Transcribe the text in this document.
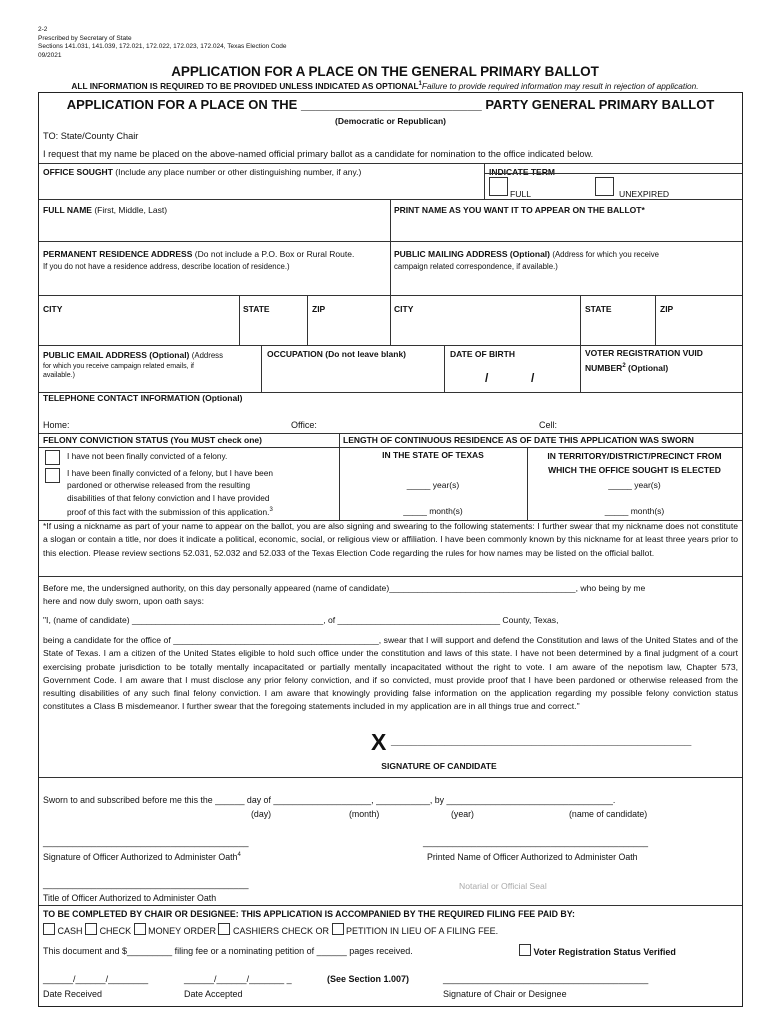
2-2
Prescribed by Secretary of State
Sections 141.031, 141.039, 172.021, 172.022, 172.023, 172.024, Texas Election Code
09/2021
APPLICATION FOR A PLACE ON THE GENERAL PRIMARY BALLOT
ALL INFORMATION IS REQUIRED TO BE PROVIDED UNLESS INDICATED AS OPTIONAL$^1$Failure to provide required information may result in rejection of application.
APPLICATION FOR A PLACE ON THE _________________________ PARTY GENERAL PRIMARY BALLOT
(Democratic or Republican)
TO: State/County Chair
I request that my name be placed on the above-named official primary ballot as a candidate for nomination to the office indicated below.
OFFICE SOUGHT (Include any place number or other distinguishing number, if any.)	INDICATE TERM
FULL	UNEXPIRED
FULL NAME (First, Middle, Last)	PRINT NAME AS YOU WANT IT TO APPEAR ON THE BALLOT*
PERMANENT RESIDENCE ADDRESS (Do not include a P.O. Box or Rural Route.
If you do not have a residence address, describe location of residence.)
PUBLIC MAILING ADDRESS (Optional) (Address for which you receive
campaign related correspondence, if available.)
CITY	STATE	ZIP	CITY	STATE	ZIP
PUBLIC EMAIL ADDRESS (Optional) (Address
for which you receive campaign related emails, if
available.)
OCCUPATION (Do not leave blank)	DATE OF BIRTH
/	/
VOTER REGISTRATION VUID
NUMBER$^2$ (Optional)
TELEPHONE CONTACT INFORMATION (Optional)
Home:	Office:	Cell:
FELONY CONVICTION STATUS (You MUST check one)	LENGTH OF CONTINUOUS RESIDENCE AS OF DATE THIS APPLICATION WAS SWORN
I have not been finally convicted of a felony.
I have been finally convicted of a felony, but I have been
pardoned or otherwise released from the resulting
disabilities of that felony conviction and I have provided
proof of this fact with the submission of this application.$^3$
IN THE STATE OF TEXAS	IN TERRITORY/DISTRICT/PRECINCT FROM
WHICH THE OFFICE SOUGHT IS ELECTED
_____ year(s)	_____ year(s)
_____ month(s)	_____ month(s)
*If using a nickname as part of your name to appear on the ballot, you are also signing and swearing to the following statements: I further swear that my nickname does not constitute a slogan or contain a title, nor does it indicate a political, economic, social, or religious view or affiliation. I have been commonly known by this nickname for at least three years prior to this election. Please review sections 52.031, 52.032 and 52.033 of the Texas Election Code regarding the rules for how names may be listed on the official ballot.
Before me, the undersigned authority, on this day personally appeared (name of candidate)_______________________________________, who being by me
here and now duly sworn, upon oath says:
"I, (name of candidate) ________________________________________, of __________________________________ County, Texas,
being a candidate for the office of ___________________________________________, swear that I will support and defend the Constitution and laws of the United States and of the State of Texas. I am a citizen of the United States eligible to hold such office under the constitution and laws of this state. I have not been determined by a final judgment of a court exercising probate jurisdiction to be totally mentally incapacitated or partially mentally incapacitated without the right to vote. I am aware of the nepotism law, Chapter 573, Government Code. I am aware that I must disclose any prior felony conviction, and if so convicted, must provide proof that I have been pardoned or otherwise released from the resulting disabilities of any such final felony conviction. I am aware that knowingly providing false information on the application regarding my possible felony conviction status constitutes a Class B misdemeanor. I further swear that the foregoing statements included in my application are in all things true and correct."
X _____________________________________________
SIGNATURE OF CANDIDATE
Sworn to and subscribed before me this the ______ day of ____________________, ___________, by __________________________________.
(day)	(month)	(year)	(name of candidate)
__________________________________________
Signature of Officer Authorized to Administer Oath$^4$
______________________________________________
Printed Name of Officer Authorized to Administer Oath
__________________________________________
Title of Officer Authorized to Administer Oath
Notarial or Official Seal
TO BE COMPLETED BY CHAIR OR DESIGNEE: THIS APPLICATION IS ACCOMPANIED BY THE REQUIRED FILING FEE PAID BY:
CASH CHECK MONEY ORDER CASHIERS CHECK OR PETITION IN LIEU OF A FILING FEE.
This document and $_________ filing fee or a nominating petition of ______ pages received.	Voter Registration Status Verified
______/______/________	______/______/_______ _	(See Section 1.007)	_________________________________________
Date Received	Date Accepted	Signature of Chair or Designee
